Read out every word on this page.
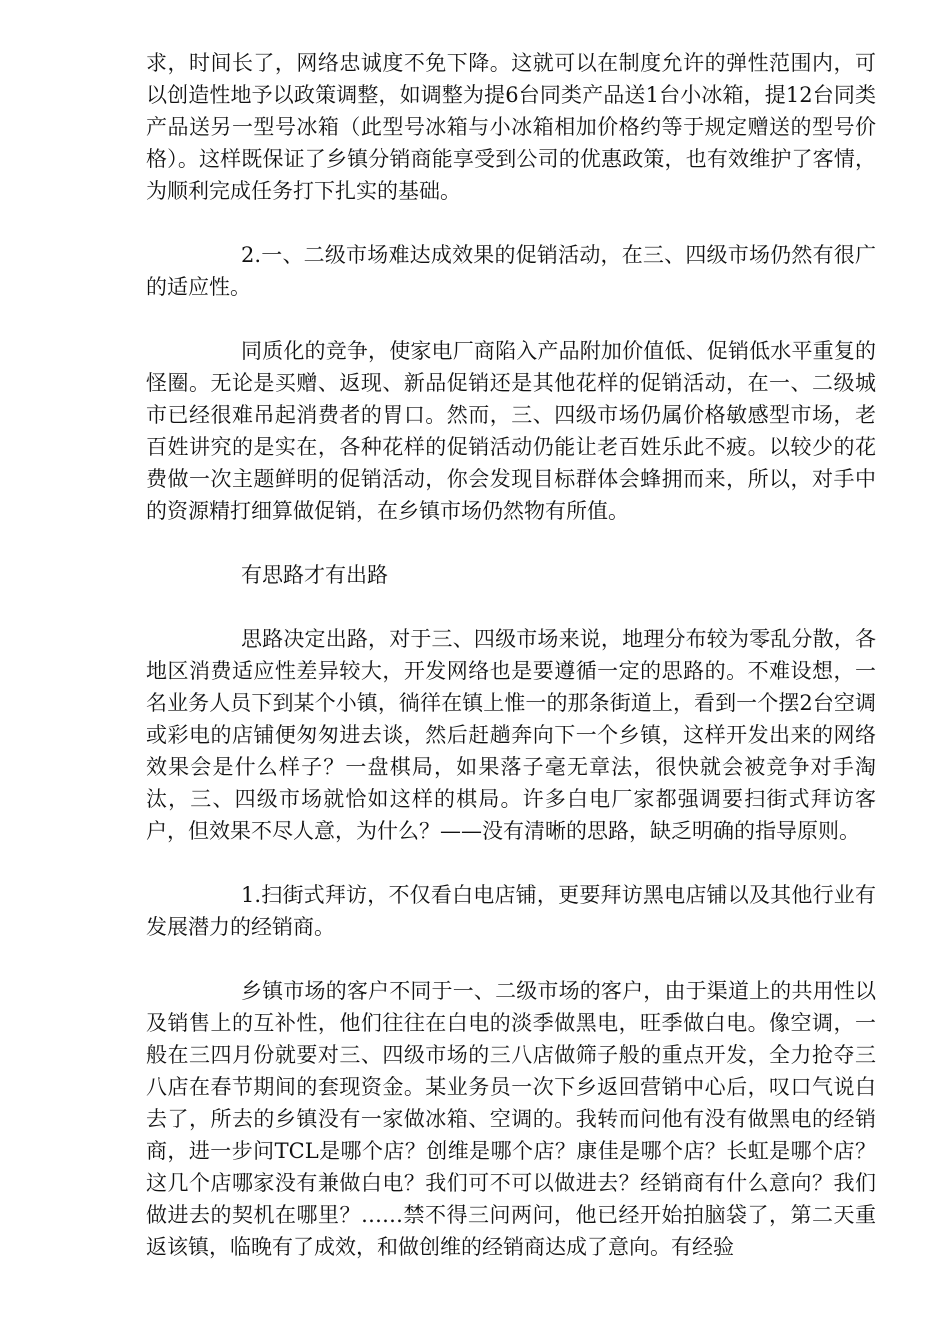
求，时间长了，网络忠诚度不免下降。这就可以在制度允许的弹性范围内，可以创造性地予以政策调整，如调整为提6台同类产品送1台小冰箱，提12台同类产品送另一型号冰箱（此型号冰箱与小冰箱相加价格约等于规定赠送的型号价格）。这样既保证了乡镇分销商能享受到公司的优惠政策，也有效维护了客情，为顺利完成任务打下扎实的基础。

2.一、二级市场难达成效果的促销活动，在三、四级市场仍然有很广的适应性。

同质化的竞争，使家电厂商陷入产品附加价值低、促销低水平重复的怪圈。无论是买赠、返现、新品促销还是其他花样的促销活动，在一、二级城市已经很难吊起消费者的胃口。然而，三、四级市场仍属价格敏感型市场，老百姓讲究的是实在，各种花样的促销活动仍能让老百姓乐此不疲。以较少的花费做一次主题鲜明的促销活动，你会发现目标群体会蜂拥而来，所以，对手中的资源精打细算做促销，在乡镇市场仍然物有所值。

有思路才有出路

思路决定出路，对于三、四级市场来说，地理分布较为零乱分散，各地区消费适应性差异较大，开发网络也是要遵循一定的思路的。不难设想，一名业务人员下到某个小镇，徜徉在镇上惟一的那条街道上，看到一个摆2台空调或彩电的店铺便匆匆进去谈，然后赶趟奔向下一个乡镇，这样开发出来的网络效果会是什么样子？一盘棋局，如果落子毫无章法，很快就会被竞争对手淘汰，三、四级市场就恰如这样的棋局。许多白电厂家都强调要扫街式拜访客户，但效果不尽人意，为什么？——没有清晰的思路，缺乏明确的指导原则。

1.扫街式拜访，不仅看白电店铺，更要拜访黑电店铺以及其他行业有发展潜力的经销商。

乡镇市场的客户不同于一、二级市场的客户，由于渠道上的共用性以及销售上的互补性，他们往往在白电的淡季做黑电，旺季做白电。像空调，一般在三四月份就要对三、四级市场的三八店做筛子般的重点开发，全力抢夺三八店在春节期间的套现资金。某业务员一次下乡返回营销中心后，叹口气说白去了，所去的乡镇没有一家做冰箱、空调的。我转而问他有没有做黑电的经销商，进一步问TCL是哪个店？创维是哪个店？康佳是哪个店？长虹是哪个店？这几个店哪家没有兼做白电？我们可不可以做进去？经销商有什么意向？我们做进去的契机在哪里？……禁不得三问两问，他已经开始拍脑袋了，第二天重返该镇，临晚有了成效，和做创维的经销商达成了意向。有经验
